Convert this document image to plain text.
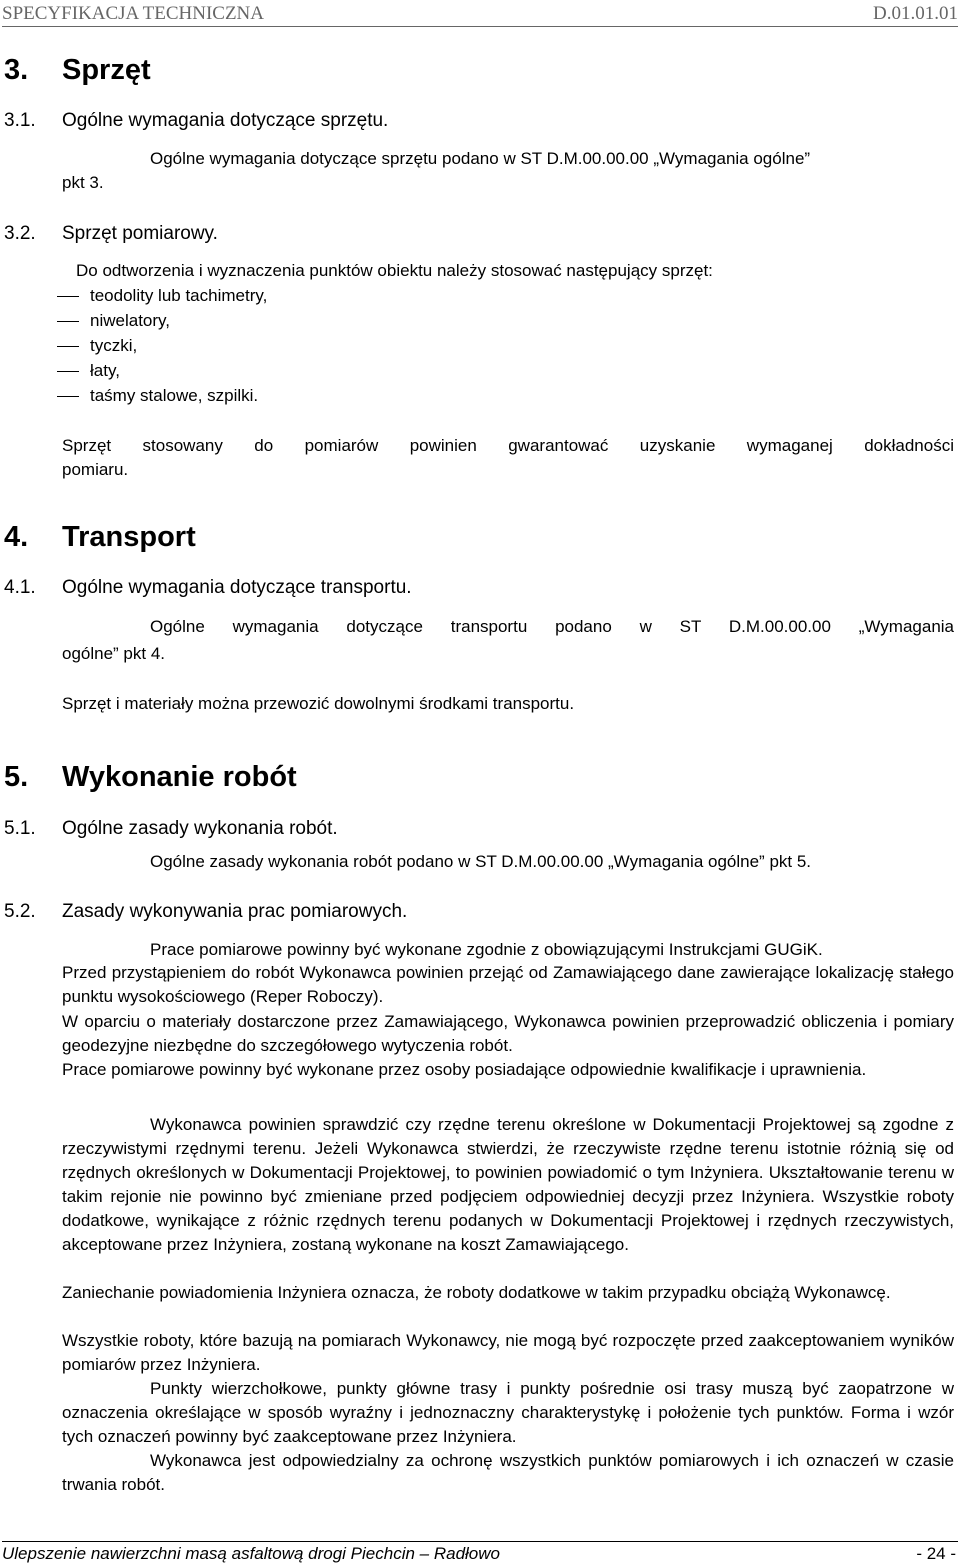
SPECYFIKACJA TECHNICZNA	D.01.01.01
3. Sprzęt
3.1. Ogólne wymagania dotyczące sprzętu.
Ogólne wymagania dotyczące sprzętu podano w ST D.M.00.00.00 „Wymagania ogólne”
pkt 3.
3.2. Sprzęt pomiarowy.
Do odtworzenia i wyznaczenia punktów obiektu należy stosować następujący sprzęt:
teodolity lub tachimetry,
niwelatory,
tyczki,
łaty,
taśmy stalowe, szpilki.
Sprzęt stosowany do pomiarów powinien gwarantować uzyskanie wymaganej dokładności
pomiaru.
4. Transport
4.1. Ogólne wymagania dotyczące transportu.
Ogólne wymagania dotyczące transportu podano w ST D.M.00.00.00 „Wymagania
ogólne” pkt 4.
Sprzęt i materiały można przewozić dowolnymi środkami transportu.
5. Wykonanie robót
5.1. Ogólne zasady wykonania robót.
Ogólne zasady wykonania robót podano w ST D.M.00.00.00 „Wymagania ogólne” pkt 5.
5.2. Zasady wykonywania prac pomiarowych.
Prace pomiarowe powinny być wykonane zgodnie z obowiązującymi Instrukcjami GUGiK.

Przed przystąpieniem do robót Wykonawca powinien przejąć od Zamawiającego dane zawierające lokalizację stałego punktu wysokościowego (Reper Roboczy).

W oparciu o materiały dostarczone przez Zamawiającego, Wykonawca powinien przeprowadzić obliczenia i pomiary geodezyjne niezbędne do szczegółowego wytyczenia robót.

Prace pomiarowe powinny być wykonane przez osoby posiadające odpowiednie kwalifikacje i uprawnienia.

Wykonawca powinien sprawdzić czy rzędne terenu określone w Dokumentacji Projektowej są zgodne z rzeczywistymi rzędnymi terenu. Jeżeli Wykonawca stwierdzi, że rzeczywiste rzędne terenu istotnie różnią się od rzędnych określonych w Dokumentacji Projektowej, to powinien powiadomić o tym Inżyniera. Ukształtowanie terenu w takim rejonie nie powinno być zmieniane przed podjęciem odpowiedniej decyzji przez Inżyniera. Wszystkie roboty dodatkowe, wynikające z różnic rzędnych terenu podanych w Dokumentacji Projektowej i rzędnych rzeczywistych, akceptowane przez Inżyniera, zostaną wykonane na koszt Zamawiającego.

Zaniechanie powiadomienia Inżyniera oznacza, że roboty dodatkowe w takim przypadku obciążą Wykonawcę.

Wszystkie roboty, które bazują na pomiarach Wykonawcy, nie mogą być rozpoczęte przed zaakceptowaniem wyników pomiarów przez Inżyniera.

Punkty wierzchołkowe, punkty główne trasy i punkty pośrednie osi trasy muszą być zaopatrzone w oznaczenia określające w sposób wyraźny i jednoznaczny charakterystykę i położenie tych punktów. Forma i wzór tych oznaczeń powinny być zaakceptowane przez Inżyniera.
Wykonawca jest odpowiedzialny za ochronę wszystkich punktów pomiarowych i ich oznaczeń w czasie trwania robót.
Ulepszenie nawierzchni masą asfaltową drogi Piechcin – Radłowo	- 24 -
